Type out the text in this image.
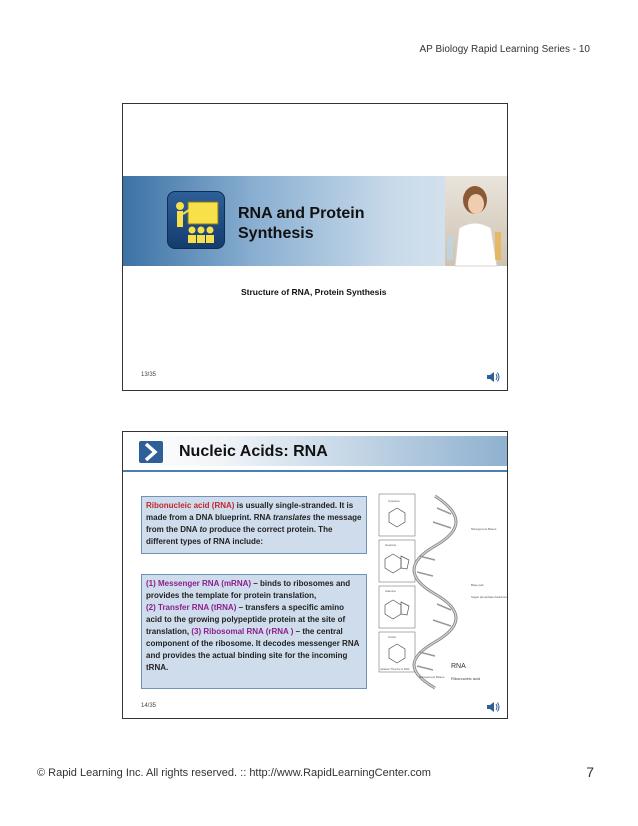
AP Biology Rapid Learning Series - 10
RNA and Protein
Synthesis
Structure of RNA, Protein Synthesis
13/35
Nucleic Acids: RNA
Ribonucleic acid (RNA) is usually single-stranded. It is made from a DNA blueprint. RNA translates the message from the DNA to produce the correct protein. The different types of RNA include:
(1) Messenger RNA (mRNA) – binds to ribosomes and provides the template for protein translation,
(2) Transfer RNA (tRNA) – transfers a specific amino acid to the growing polypeptide protein at the site of translation, (3) Ribosomal RNA (rRNA ) – the central component of the ribosome. It decodes messenger RNA and provides the actual binding site for the incoming tRNA.
Cytosine
Guanine
Adenine
Uracil
replaces Thymine in RNA
Nitrogenous Bases
Base pair
Sugar phosphate backbone
Nitrogenous Bases
RNA
Ribonucleic acid
14/35
© Rapid Learning Inc. All rights reserved. :: http://www.RapidLearningCenter.com	7
